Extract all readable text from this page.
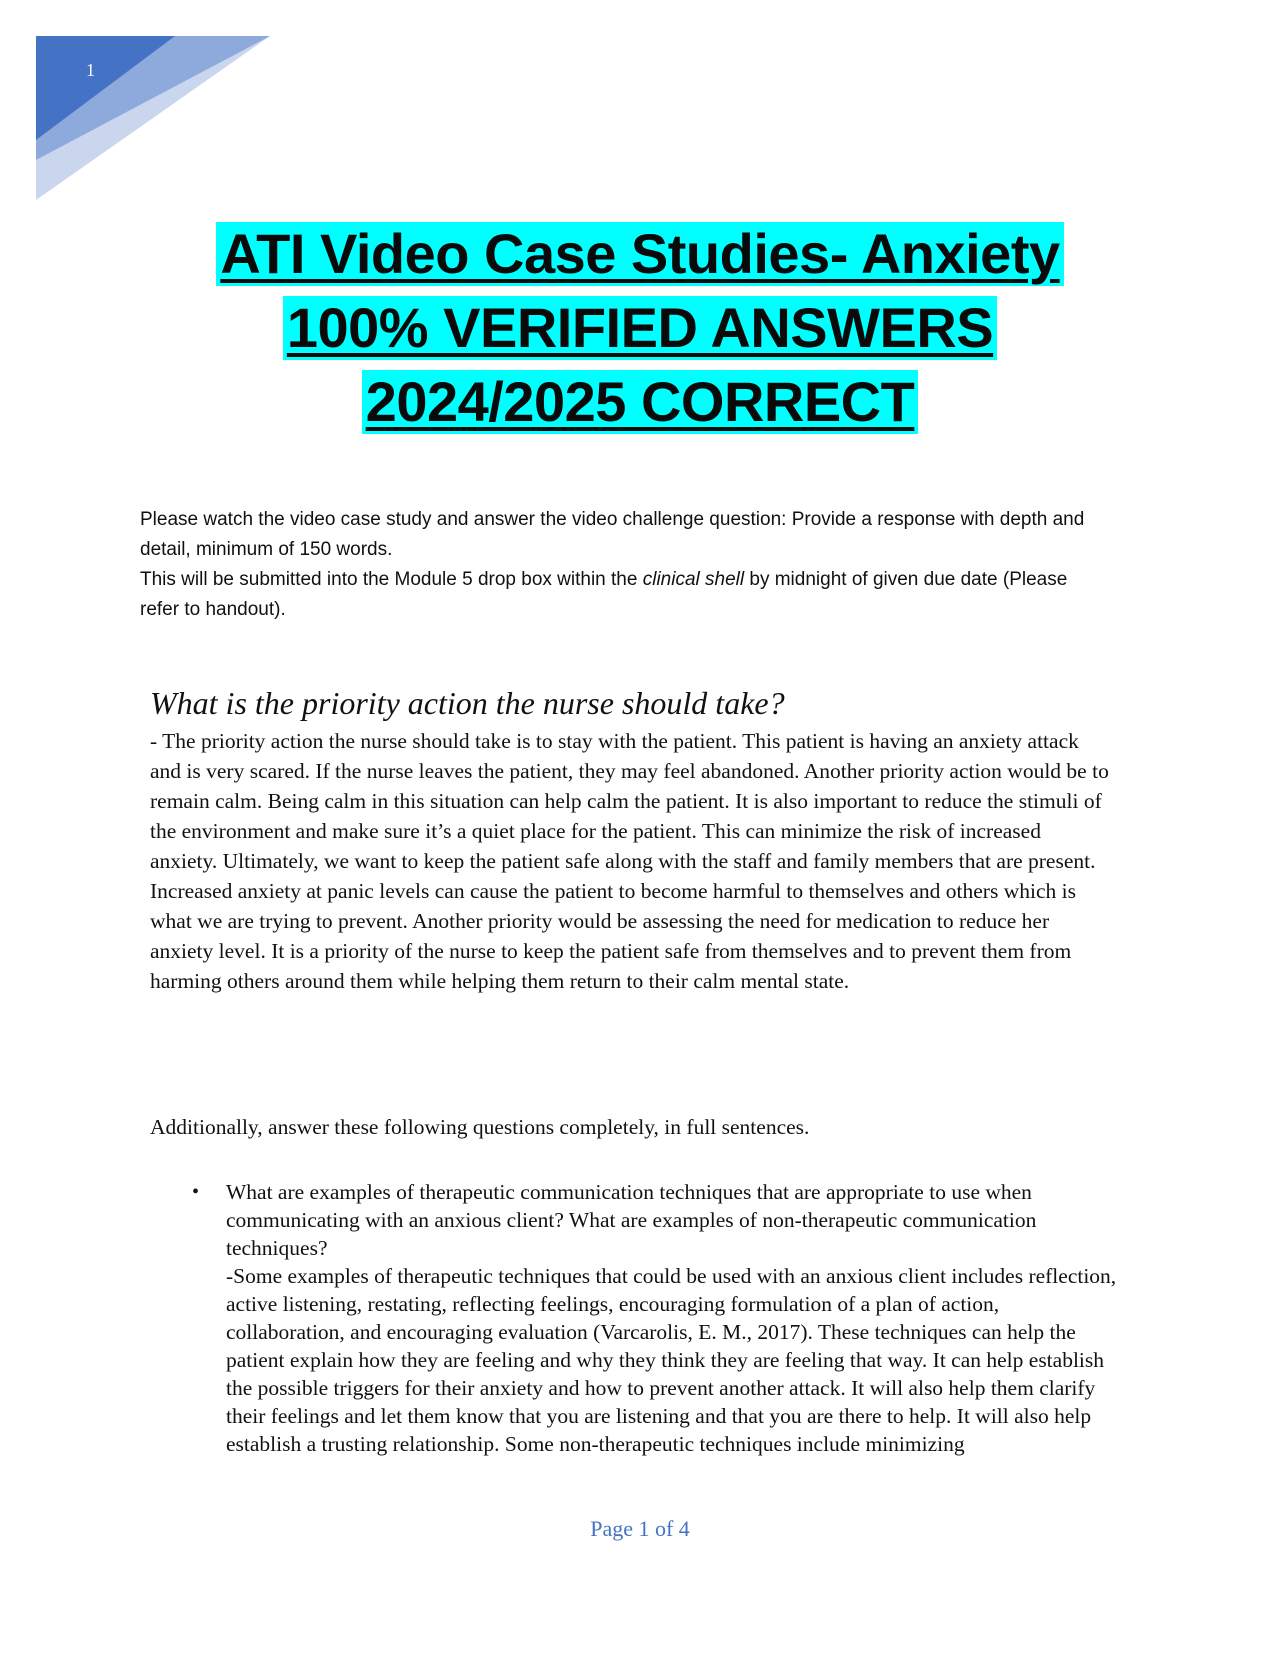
1
ATI Video Case Studies- Anxiety
100% VERIFIED ANSWERS
2024/2025 CORRECT

Please watch the video case study and answer the video challenge question: Provide a response with depth and detail, minimum of 150 words.

This will be submitted into the Module 5 drop box within the clinical shell by midnight of given due date (Please refer to handout).

What is the priority action the nurse should take?

- The priority action the nurse should take is to stay with the patient. This patient is having an anxiety attack and is very scared. If the nurse leaves the patient, they may feel abandoned. Another priority action would be to remain calm. Being calm in this situation can help calm the patient. It is also important to reduce the stimuli of the environment and make sure it’s a quiet place for the patient. This can minimize the risk of increased anxiety. Ultimately, we want to keep the patient safe along with the staff and family members that are present. Increased anxiety at panic levels can cause the patient to become harmful to themselves and others which is what we are trying to prevent. Another priority would be assessing the need for medication to reduce her anxiety level. It is a priority of the nurse to keep the patient safe from themselves and to prevent them from harming others around them while helping them return to their calm mental state.

Additionally, answer these following questions completely, in full sentences.

• What are examples of therapeutic communication techniques that are appropriate to use when communicating with an anxious client? What are examples of non-therapeutic communication techniques?

-Some examples of therapeutic techniques that could be used with an anxious client includes reflection, active listening, restating, reflecting feelings, encouraging formulation of a plan of action, collaboration, and encouraging evaluation (Varcarolis, E. M., 2017). These techniques can help the patient explain how they are feeling and why they think they are feeling that way. It can help establish the possible triggers for their anxiety and how to prevent another attack. It will also help them clarify their feelings and let them know that you are listening and that you are there to help. It will also help establish a trusting relationship. Some non-therapeutic techniques include minimizing

Page 1 of 4
